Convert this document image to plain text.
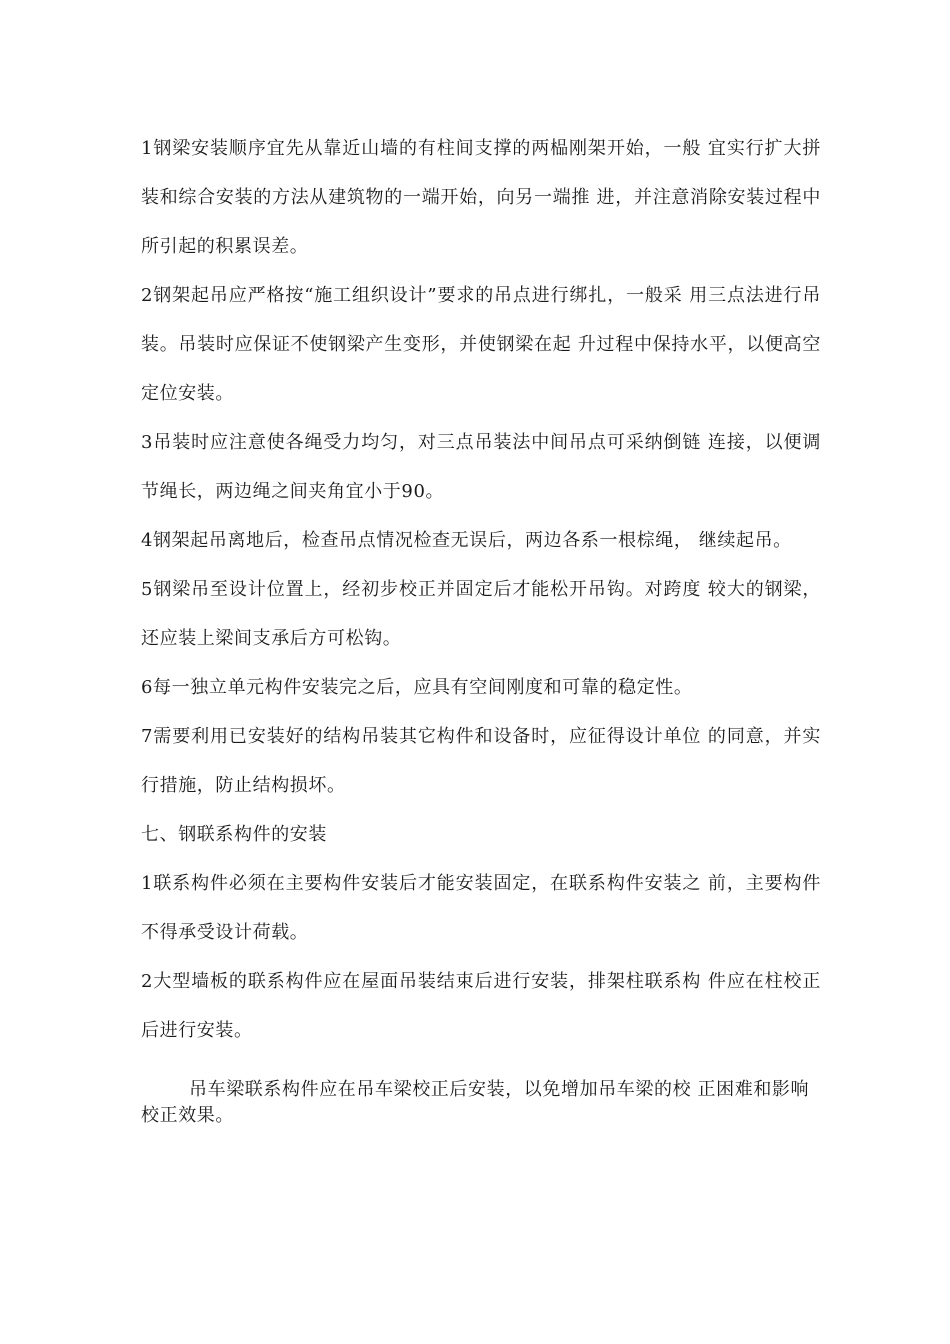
1钢梁安装顺序宜先从靠近山墙的有柱间支撑的两榀刚架开始，一般 宜实行扩大拼装和综合安装的方法从建筑物的一端开始，向另一端推 进，并注意消除安装过程中所引起的积累误差。

2钢架起吊应严格按“施工组织设计”要求的吊点进行绑扎，一般采 用三点法进行吊装。吊装时应保证不使钢梁产生变形，并使钢梁在起 升过程中保持水平，以便高空定位安装。

3吊装时应注意使各绳受力均匀，对三点吊装法中间吊点可采纳倒链 连接，以便调节绳长，两边绳之间夹角宜小于90。

4钢架起吊离地后，检查吊点情况检查无误后，两边各系一根棕绳， 继续起吊。

5钢梁吊至设计位置上，经初步校正并固定后才能松开吊钩。对跨度 较大的钢梁，还应装上梁间支承后方可松钩。

6每一独立单元构件安装完之后，应具有空间刚度和可靠的稳定性。

7需要利用已安装好的结构吊装其它构件和设备时，应征得设计单位 的同意，并实行措施，防止结构损坏。

七、钢联系构件的安装

1联系构件必须在主要构件安装后才能安装固定，在联系构件安装之 前，主要构件不得承受设计荷载。

2大型墙板的联系构件应在屋面吊装结束后进行安装，排架柱联系构 件应在柱校正后进行安装。

吊车梁联系构件应在吊车梁校正后安装，以免增加吊车梁的校 正困难和影响校正效果。
